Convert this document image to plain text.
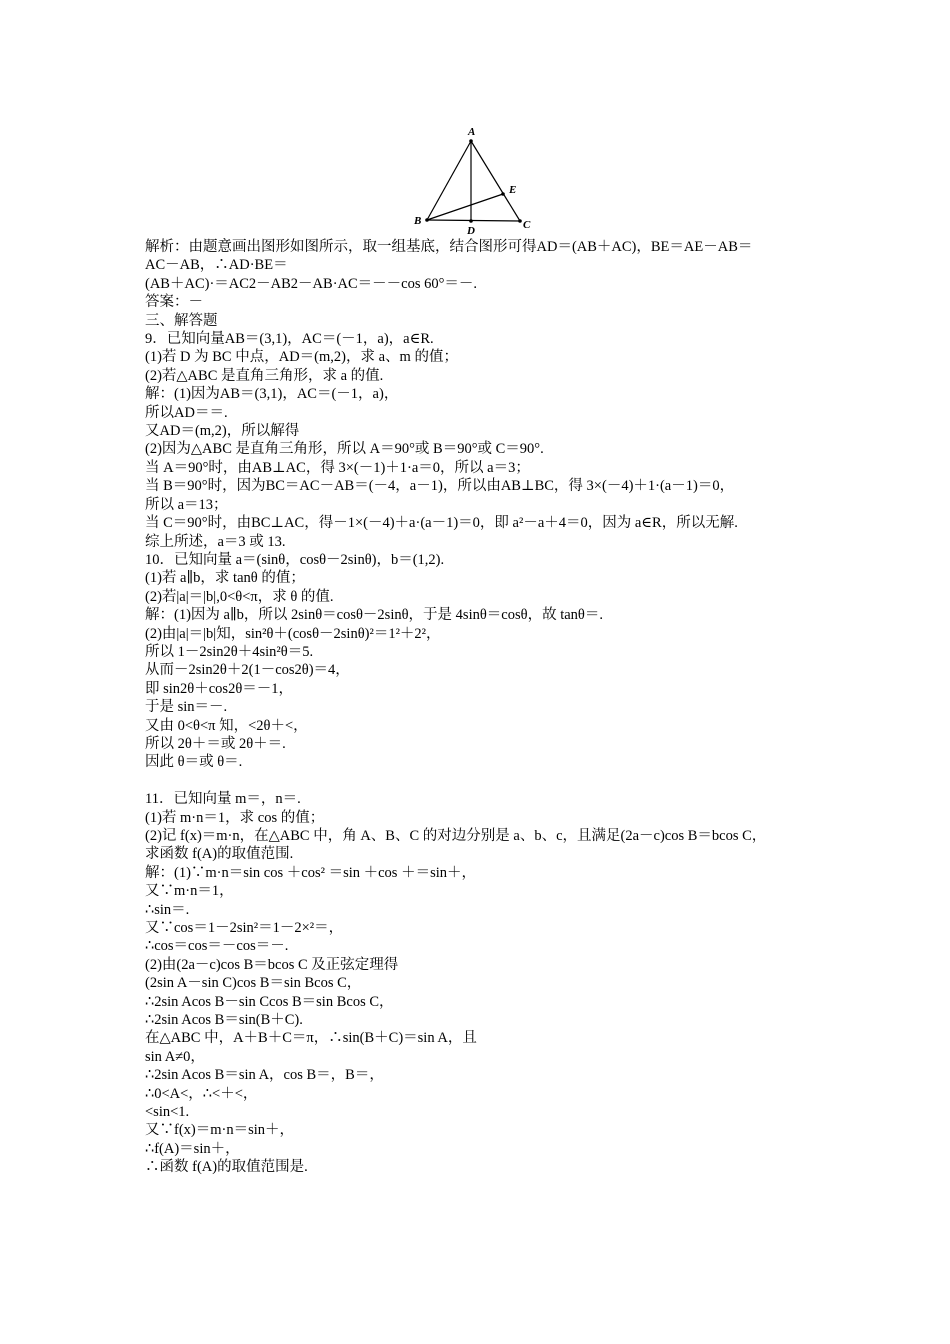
A
B	C
D
E
解析：由题意画出图形如图所示，取一组基底，结合图形可得AD＝(AB＋AC)，BE＝AE－AB＝
AC－AB，∴AD·BE＝
(AB＋AC)·＝AC2－AB2－AB·AC＝－－cos 60°＝－.
答案：－
三、解答题
9．已知向量AB＝(3,1)，AC＝(－1，a)，a∈R.
(1)若 D 为 BC 中点，AD＝(m,2)，求 a、m 的值；
(2)若△ABC 是直角三角形，求 a 的值.
解：(1)因为AB＝(3,1)，AC＝(－1，a)，
所以AD＝＝.
又AD＝(m,2)，所以解得
(2)因为△ABC 是直角三角形，所以 A＝90°或 B＝90°或 C＝90°.
当 A＝90°时，由AB⊥AC，得 3×(－1)＋1·a＝0，所以 a＝3；
当 B＝90°时，因为BC＝AC－AB＝(－4，a－1)，所以由AB⊥BC，得 3×(－4)＋1·(a－1)＝0，
所以 a＝13；
当 C＝90°时，由BC⊥AC，得－1×(－4)＋a·(a－1)＝0，即 a²－a＋4＝0，因为 a∈R，所以无解.
综上所述，a＝3 或 13.
10．已知向量 a＝(sinθ，cosθ－2sinθ)，b＝(1,2).
(1)若 a∥b，求 tanθ 的值；
(2)若|a|＝|b|,0<θ<π，求 θ 的值.
解：(1)因为 a∥b，所以 2sinθ＝cosθ－2sinθ，于是 4sinθ＝cosθ，故 tanθ＝.
(2)由|a|＝|b|知，sin²θ＋(cosθ－2sinθ)²＝1²＋2²，
所以 1－2sin2θ＋4sin²θ＝5.
从而－2sin2θ＋2(1－cos2θ)＝4，
即 sin2θ＋cos2θ＝－1，
于是 sin＝－.
又由 0<θ<π 知，<2θ＋<，
所以 2θ＋＝或 2θ＋＝.
因此 θ＝或 θ＝.
11．已知向量 m＝，n＝.
(1)若 m·n＝1，求 cos 的值；
(2)记 f(x)＝m·n，在△ABC 中，角 A、B、C 的对边分别是 a、b、c，且满足(2a－c)cos B＝bcos C，
求函数 f(A)的取值范围.
解：(1)∵m·n＝sin cos ＋cos² ＝sin ＋cos ＋＝sin＋，
又∵m·n＝1，
∴sin＝.
又∵cos＝1－2sin²＝1－2×²＝，
∴cos＝cos＝－cos＝－.
(2)由(2a－c)cos B＝bcos C 及正弦定理得
(2sin A－sin C)cos B＝sin Bcos C，
∴2sin Acos B－sin Ccos B＝sin Bcos C，
∴2sin Acos B＝sin(B＋C).
在△ABC 中，A＋B＋C＝π，∴sin(B＋C)＝sin A，且
sin A≠0，
∴2sin Acos B＝sin A，cos B＝，B＝，
∴0<A<，∴<＋<，
<sin<1.
又∵f(x)＝m·n＝sin＋，
∴f(A)＝sin＋，
∴函数 f(A)的取值范围是.
